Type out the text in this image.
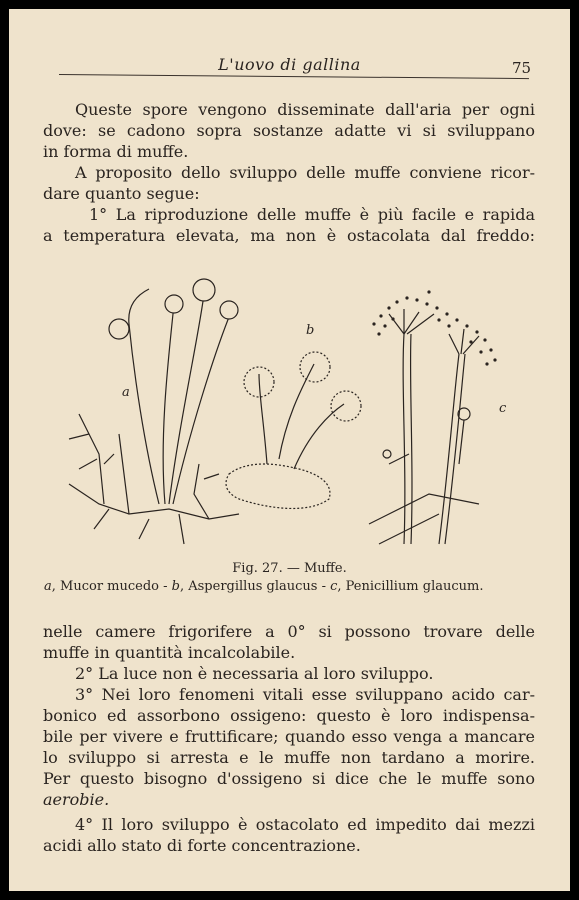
L'uovo di gallina	75
Queste spore vengono disseminate dall'aria per ogni
dove: se cadono sopra sostanze adatte vi si sviluppano
in forma di muffe.
A proposito dello sviluppo delle muffe conviene ricor-
dare quanto segue:
1° La riproduzione delle muffe è più facile e rapida
a temperatura elevata, ma non è ostacolata dal freddo:
a
b
c
Fig. 27. — Muffe.
a, Mucor mucedo - b, Aspergillus glaucus - c, Penicillium glaucum.
nelle camere frigorifere a 0° si possono trovare delle
muffe in quantità incalcolabile.
2° La luce non è necessaria al loro sviluppo.
3° Nei loro fenomeni vitali esse sviluppano acido car-
bonico ed assorbono ossigeno: questo è loro indispensa-
bile per vivere e fruttificare; quando esso venga a mancare
lo sviluppo si arresta e le muffe non tardano a morire.
Per questo bisogno d'ossigeno si dice che le muffe sono
aerobie.
4° Il loro sviluppo è ostacolato ed impedito dai mezzi
acidi allo stato di forte concentrazione.
